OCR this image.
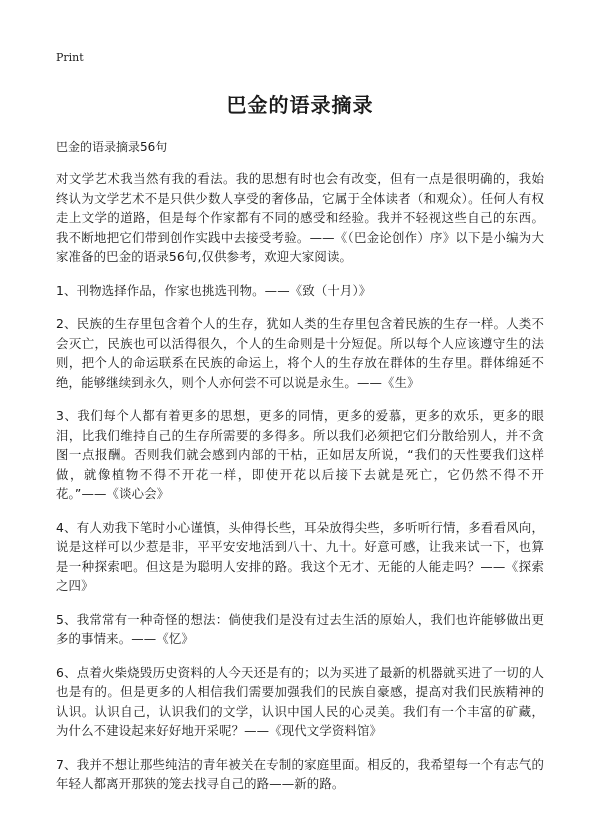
Print
巴金的语录摘录

巴金的语录摘录56句

对文学艺术我当然有我的看法。我的思想有时也会有改变，但有一点是很明确的，我始终认为文学艺术不是只供少数人享受的奢侈品，它属于全体读者（和观众）。任何人有权走上文学的道路，但是每个作家都有不同的感受和经验。我并不轻视这些自己的东西。我不断地把它们带到创作实践中去接受考验。——《（巴金论创作）序》以下是小编为大家准备的巴金的语录56句,仅供参考，欢迎大家阅读。

1、刊物选择作品，作家也挑选刊物。——《致（十月）》

2、民族的生存里包含着个人的生存，犹如人类的生存里包含着民族的生存一样。人类不会灭亡，民族也可以活得很久，个人的生命则是十分短促。所以每个人应该遵守生的法则，把个人的命运联系在民族的命运上，将个人的生存放在群体的生存里。群体绵延不绝，能够继续到永久，则个人亦何尝不可以说是永生。——《生》

3、我们每个人都有着更多的思想，更多的同情，更多的爱慕，更多的欢乐，更多的眼泪，比我们维持自己的生存所需要的多得多。所以我们必须把它们分散给别人，并不贪图一点报酬。否则我们就会感到内部的干枯，正如居友所说，“我们的天性要我们这样做，就像植物不得不开花一样，即使开花以后接下去就是死亡，它仍然不得不开花。”——《谈心会》

4、有人劝我下笔时小心谨慎，头伸得长些，耳朵放得尖些，多听听行情，多看看风向，说是这样可以少惹是非，平平安安地活到八十、九十。好意可感，让我来试一下，也算是一种探索吧。但这是为聪明人安排的路。我这个无才、无能的人能走吗？——《探索之四》

5、我常常有一种奇怪的想法：倘使我们是没有过去生活的原始人，我们也许能够做出更多的事情来。——《忆》

6、点着火柴烧毁历史资料的人今天还是有的；以为买进了最新的机器就买进了一切的人也是有的。但是更多的人相信我们需要加强我们的民族自豪感，提高对我们民族精神的认识。认识自己，认识我们的文学，认识中国人民的心灵美。我们有一个丰富的矿藏，为什么不建设起来好好地开采呢？——《现代文学资料馆》

7、我并不想让那些纯洁的青年被关在专制的家庭里面。相反的，我希望每一个有志气的年轻人都离开那狭的笼去找寻自己的路——新的路。
